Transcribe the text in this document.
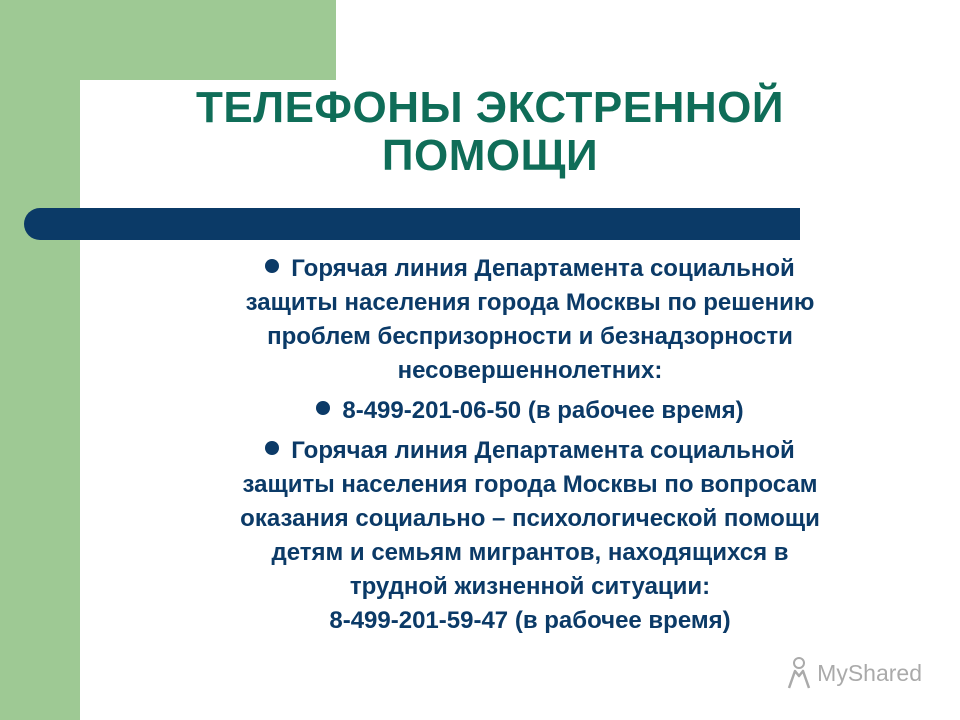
ТЕЛЕФОНЫ ЭКСТРЕННОЙ
ПОМОЩИ
Горячая линия Департамента социальной
защиты населения города Москвы по решению
проблем беспризорности и безнадзорности
несовершеннолетних:
8-499-201-06-50 (в рабочее время)
Горячая линия Департамента социальной
защиты населения города Москвы по вопросам
оказания социально – психологической помощи
детям и семьям мигрантов, находящихся в
трудной жизненной ситуации:
8-499-201-59-47 (в рабочее время)
MyShared
